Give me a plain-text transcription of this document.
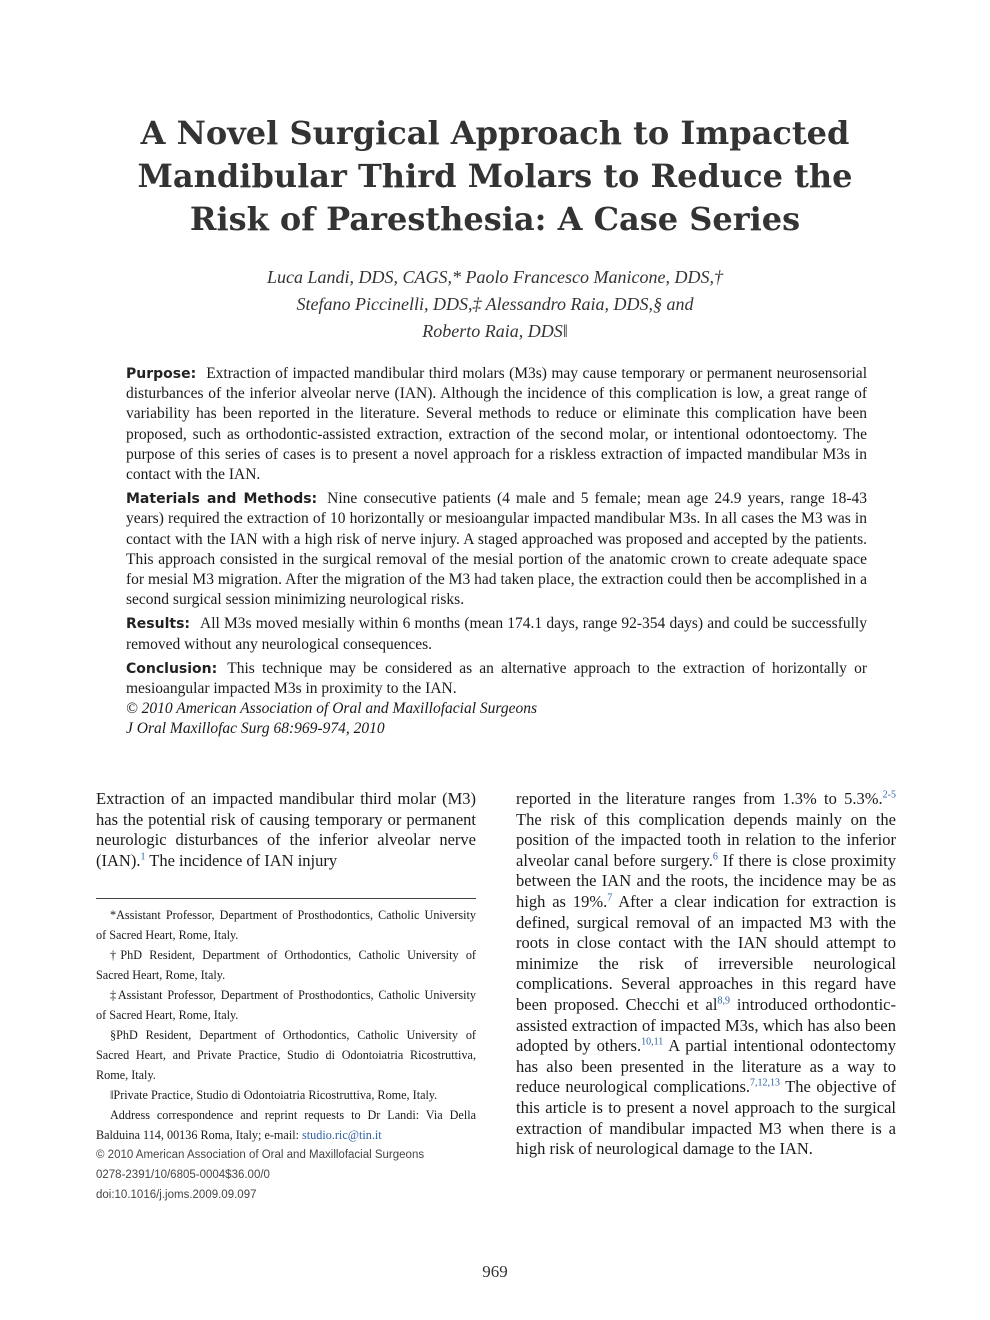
A Novel Surgical Approach to Impacted
Mandibular Third Molars to Reduce the
Risk of Paresthesia: A Case Series
Luca Landi, DDS, CAGS,* Paolo Francesco Manicone, DDS,†
Stefano Piccinelli, DDS,‡ Alessandro Raia, DDS,§ and
Roberto Raia, DDS‖

Purpose: Extraction of impacted mandibular third molars (M3s) may cause temporary or permanent neurosensorial disturbances of the inferior alveolar nerve (IAN). Although the incidence of this complication is low, a great range of variability has been reported in the literature. Several methods to reduce or eliminate this complication have been proposed, such as orthodontic-assisted extraction, extraction of the second molar, or intentional odontoectomy. The purpose of this series of cases is to present a novel approach for a riskless extraction of impacted mandibular M3s in contact with the IAN.

Materials and Methods: Nine consecutive patients (4 male and 5 female; mean age 24.9 years, range 18-43 years) required the extraction of 10 horizontally or mesioangular impacted mandibular M3s. In all cases the M3 was in contact with the IAN with a high risk of nerve injury. A staged approached was proposed and accepted by the patients. This approach consisted in the surgical removal of the mesial portion of the anatomic crown to create adequate space for mesial M3 migration. After the migration of the M3 had taken place, the extraction could then be accomplished in a second surgical session minimizing neurological risks.

Results: All M3s moved mesially within 6 months (mean 174.1 days, range 92-354 days) and could be successfully removed without any neurological consequences.

Conclusion: This technique may be considered as an alternative approach to the extraction of horizontally or mesioangular impacted M3s in proximity to the IAN.

© 2010 American Association of Oral and Maxillofacial Surgeons

J Oral Maxillofac Surg 68:969-974, 2010

Extraction of an impacted mandibular third molar (M3) has the potential risk of causing temporary or permanent neurologic disturbances of the inferior alveolar nerve (IAN).$^1$ The incidence of IAN injury

*Assistant Professor, Department of Prosthodontics, Catholic University of Sacred Heart, Rome, Italy.

†PhD Resident, Department of Orthodontics, Catholic University of Sacred Heart, Rome, Italy.

‡Assistant Professor, Department of Prosthodontics, Catholic University of Sacred Heart, Rome, Italy.

§PhD Resident, Department of Orthodontics, Catholic University of Sacred Heart, and Private Practice, Studio di Odontoiatria Ricostruttiva, Rome, Italy.

‖Private Practice, Studio di Odontoiatria Ricostruttiva, Rome, Italy.

Address correspondence and reprint requests to Dr Landi: Via Della Balduina 114, 00136 Roma, Italy; e-mail: studio.ric@tin.it

© 2010 American Association of Oral and Maxillofacial Surgeons

0278-2391/10/6805-0004$36.00/0

doi:10.1016/j.joms.2009.09.097

reported in the literature ranges from 1.3% to 5.3%.$^{2-5}$ The risk of this complication depends mainly on the position of the impacted tooth in relation to the inferior alveolar canal before surgery.$^6$ If there is close proximity between the IAN and the roots, the incidence may be as high as 19%.$^7$ After a clear indication for extraction is defined, surgical removal of an impacted M3 with the roots in close contact with the IAN should attempt to minimize the risk of irreversible neurological complications. Several approaches in this regard have been proposed. Checchi et al$^{8,9}$ introduced orthodontic-assisted extraction of impacted M3s, which has also been adopted by others.$^{10,11}$ A partial intentional odontectomy has also been presented in the literature as a way to reduce neurological complications.$^{7,12,13}$ The objective of this article is to present a novel approach to the surgical extraction of mandibular impacted M3 when there is a high risk of neurological damage to the IAN.
969
